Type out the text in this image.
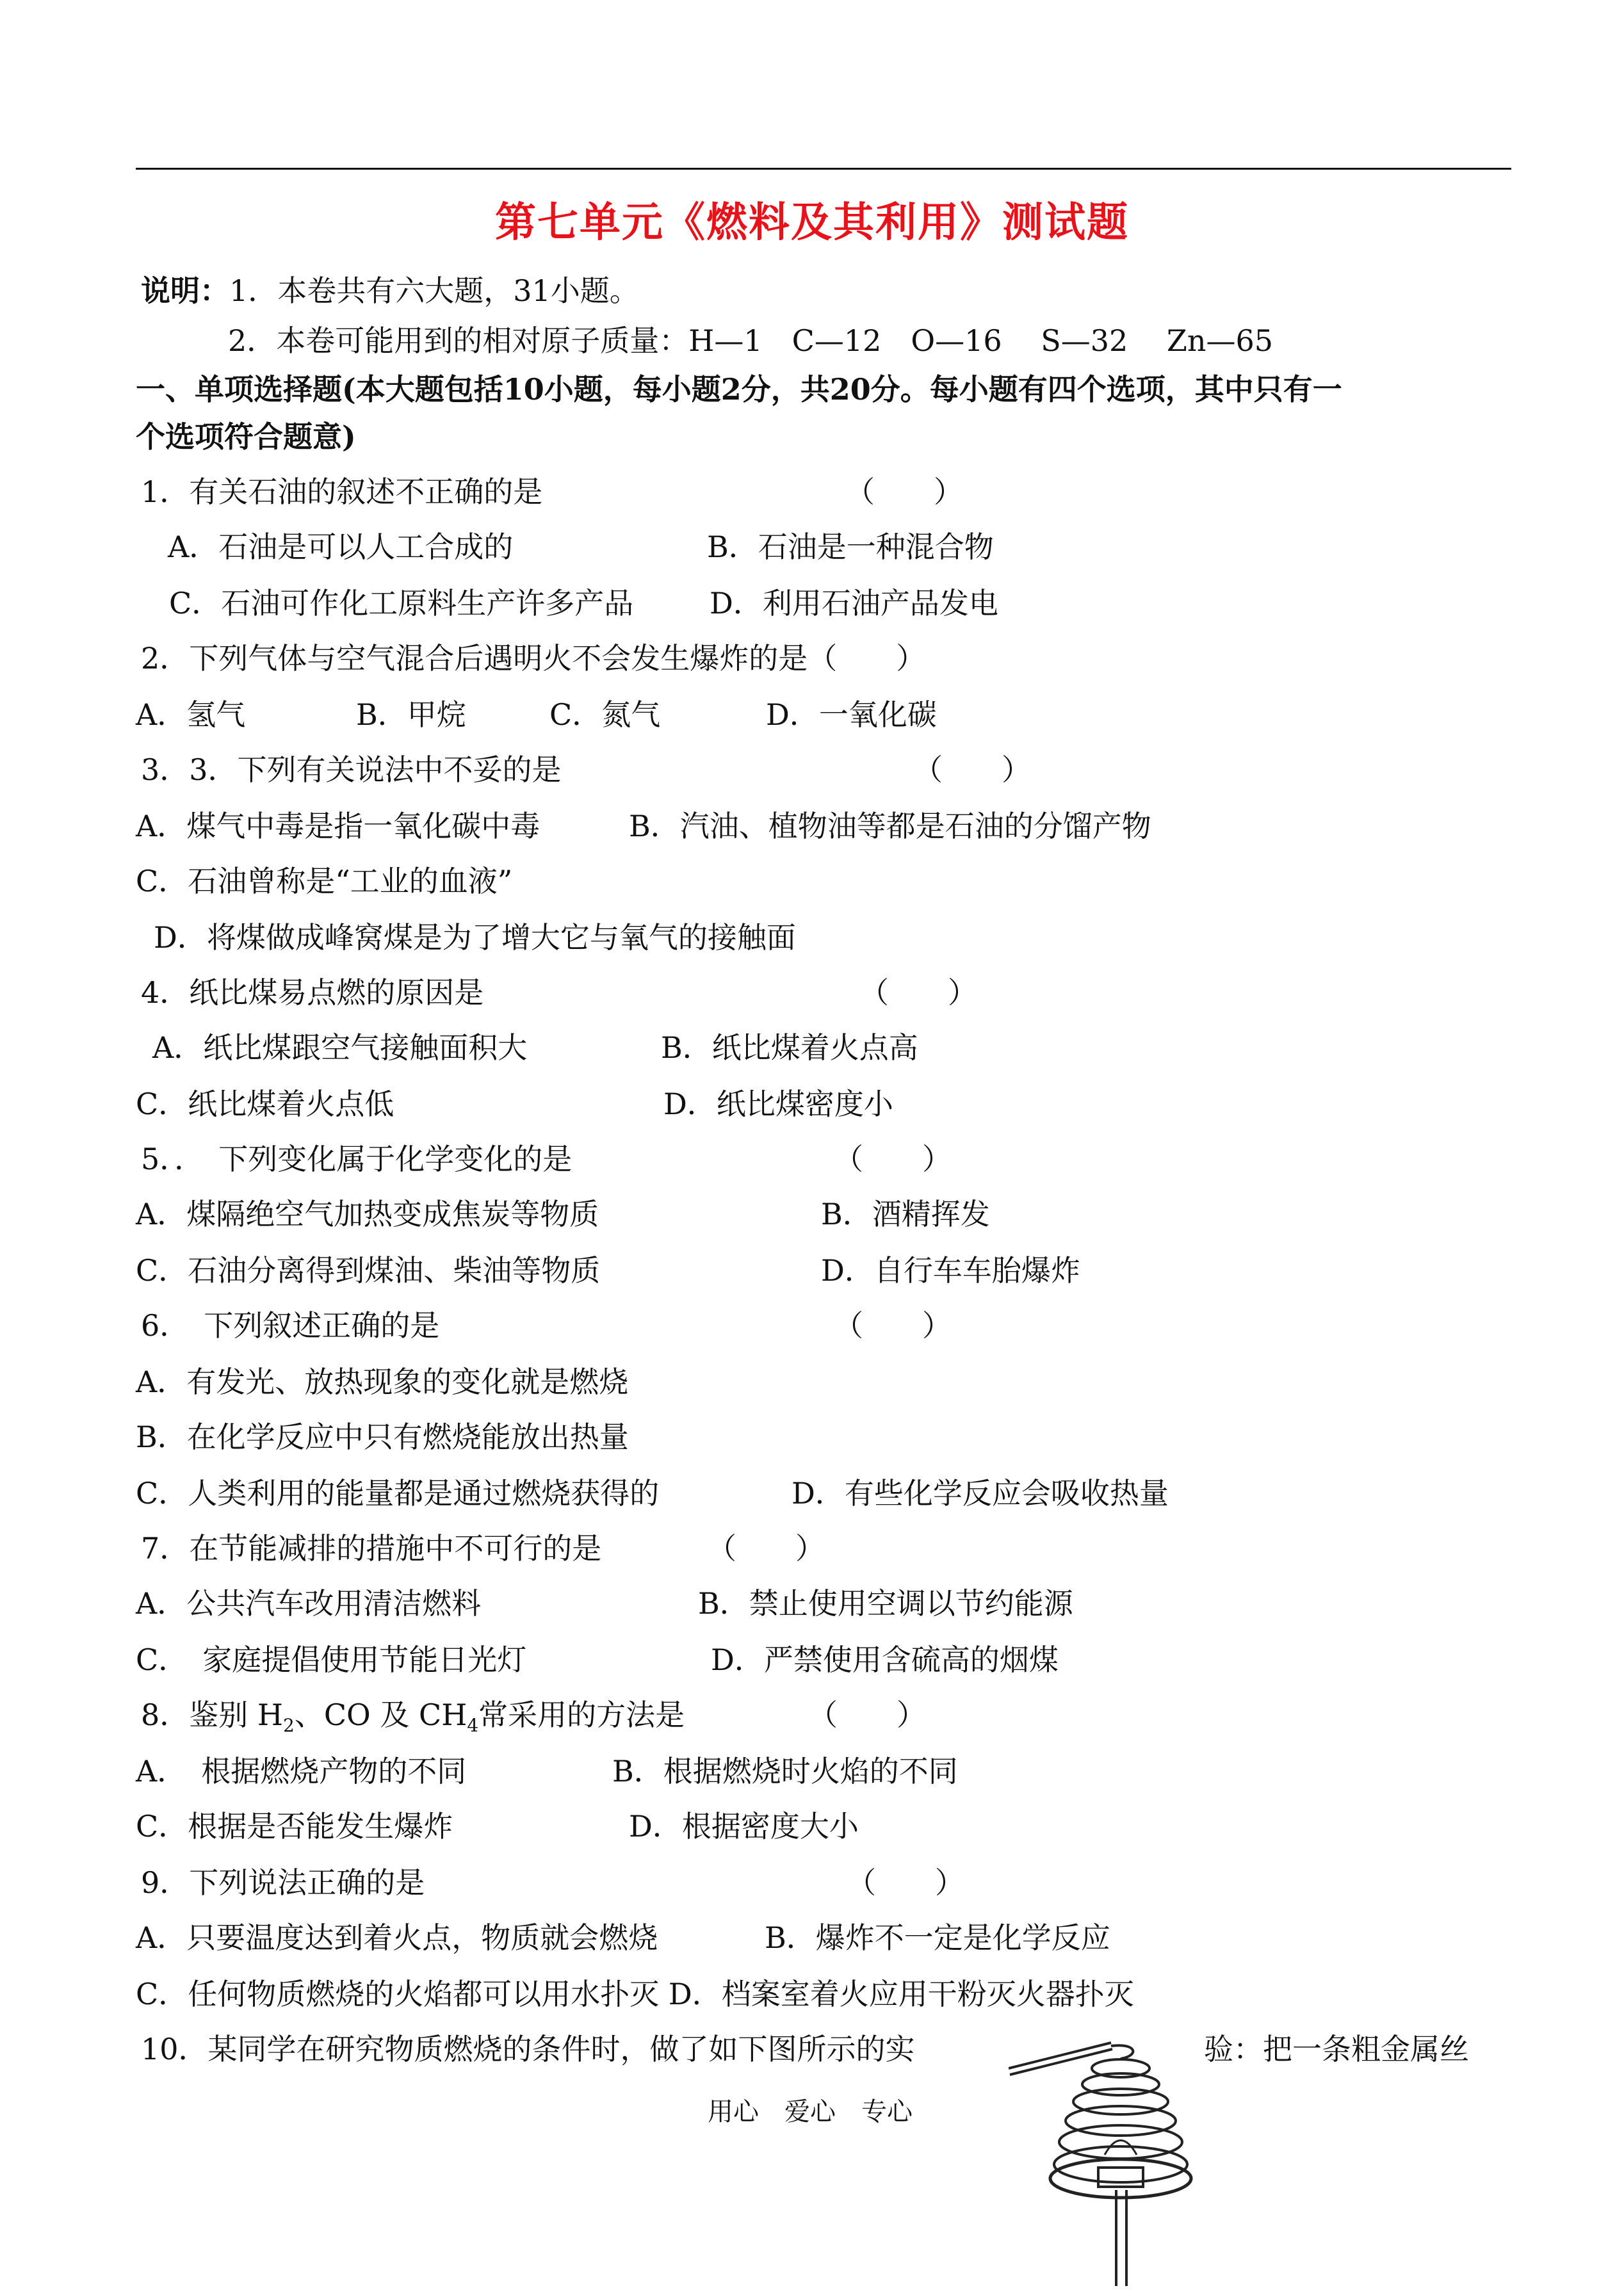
第七单元《燃料及其利用》测试题
说明：1．本卷共有六大题，31小题。
2．本卷可能用到的相对原子质量：H—1　C—12　O—16　 S—32　 Zn—65
一、单项选择题(本大题包括10小题，每小题2分，共20分。每小题有四个选项，其中只有一
个选项符合题意)
1．有关石油的叙述不正确的是	（　　）
A．石油是可以人工合成的	B．石油是一种混合物
C．石油可作化工原料生产许多产品	D．利用石油产品发电
2．下列气体与空气混合后遇明火不会发生爆炸的是（　　）
A．氢气	B．甲烷	C．氮气	D．一氧化碳
3．3．下列有关说法中不妥的是	（　　）
A．煤气中毒是指一氧化碳中毒	B．汽油、植物油等都是石油的分馏产物
C．石油曾称是“工业的血液”
D．将煤做成峰窝煤是为了增大它与氧气的接触面
4．纸比煤易点燃的原因是	（　　）
A．纸比煤跟空气接触面积大	B．纸比煤着火点高
C．纸比煤着火点低	D．纸比煤密度小
5．．　下列变化属于化学变化的是	（　　）
A．煤隔绝空气加热变成焦炭等物质	B．酒精挥发
C．石油分离得到煤油、柴油等物质	D．自行车车胎爆炸
6．　下列叙述正确的是	（　　）
A．有发光、放热现象的变化就是燃烧
B．在化学反应中只有燃烧能放出热量
C．人类利用的能量都是通过燃烧获得的	D．有些化学反应会吸收热量
7．在节能减排的措施中不可行的是	（　　）
A．公共汽车改用清洁燃料	B．禁止使用空调以节约能源
C．　家庭提倡使用节能日光灯	D．严禁使用含硫高的烟煤
8．鉴别 $H_2$、CO 及 $CH_4$常采用的方法是	（　　）
A．　根据燃烧产物的不同	B．根据燃烧时火焰的不同
C．根据是否能发生爆炸	D．根据密度大小
9．下列说法正确的是	（　　）
A．只要温度达到着火点，物质就会燃烧	B．爆炸不一定是化学反应
C．任何物质燃烧的火焰都可以用水扑灭 D．档案室着火应用干粉灭火器扑灭
10．某同学在研究物质燃烧的条件时，做了如下图所示的实	验：把一条粗金属丝
用心　爱心　专心
